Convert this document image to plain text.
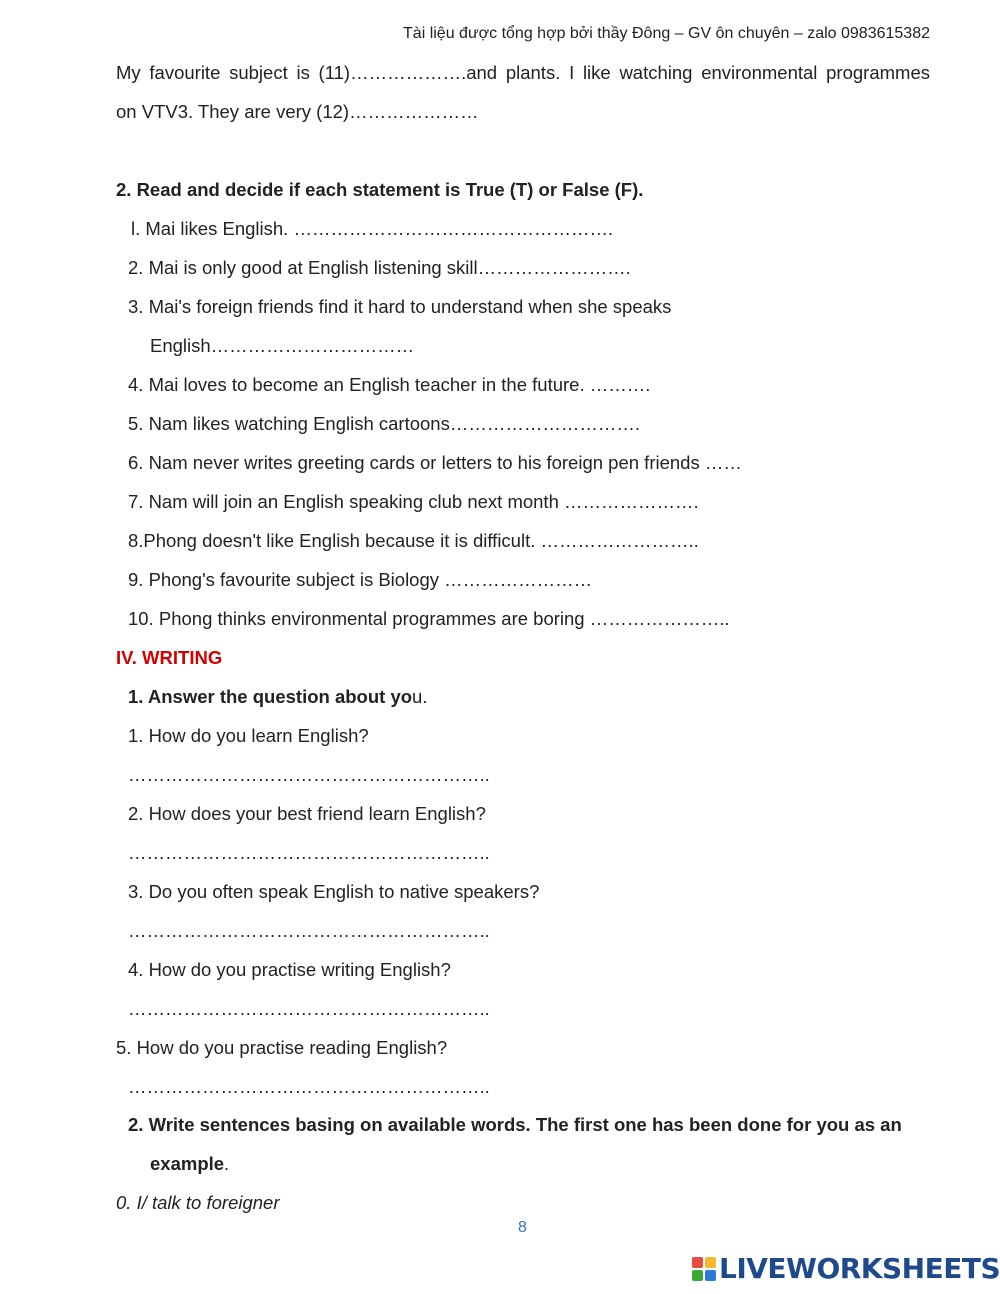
Tài liệu được tổng hợp bởi thầy Đông – GV ôn chuyên – zalo 0983615382
My favourite subject is (11)……………….and plants. I like watching environmental programmes
on VTV3. They are very (12)…………………
2. Read and decide if each statement is True (T) or False (F).
l. Mai likes English. …………………………………………….
2. Mai is only good at English listening skill…………………….
3. Mai's foreign friends find it hard to understand when she speaks
English……………………………
4. Mai loves to become an English teacher in the future. ……….
5. Nam likes watching English cartoons………………………….
6. Nam never writes greeting cards or letters to his foreign pen friends ……
7. Nam will join an English speaking club next month ………………….
8.Phong doesn't like English because it is difficult. ……………………..
9. Phong's favourite subject is Biology ……………………
10. Phong thinks environmental programmes are boring …………………..
IV. WRITING
1. Answer the question about you.
1. How do you learn English?
…………………………………………………..
2. How does your best friend learn English?
…………………………………………………..
3. Do you often speak English to native speakers?
…………………………………………………..
4. How do you practise writing English?
…………………………………………………..
5. How do you practise reading English?
…………………………………………………..
2. Write sentences basing on available words. The first one has been done for you as an
example.
0. I/ talk to foreigner
8
LIVEWORKSHEETS
